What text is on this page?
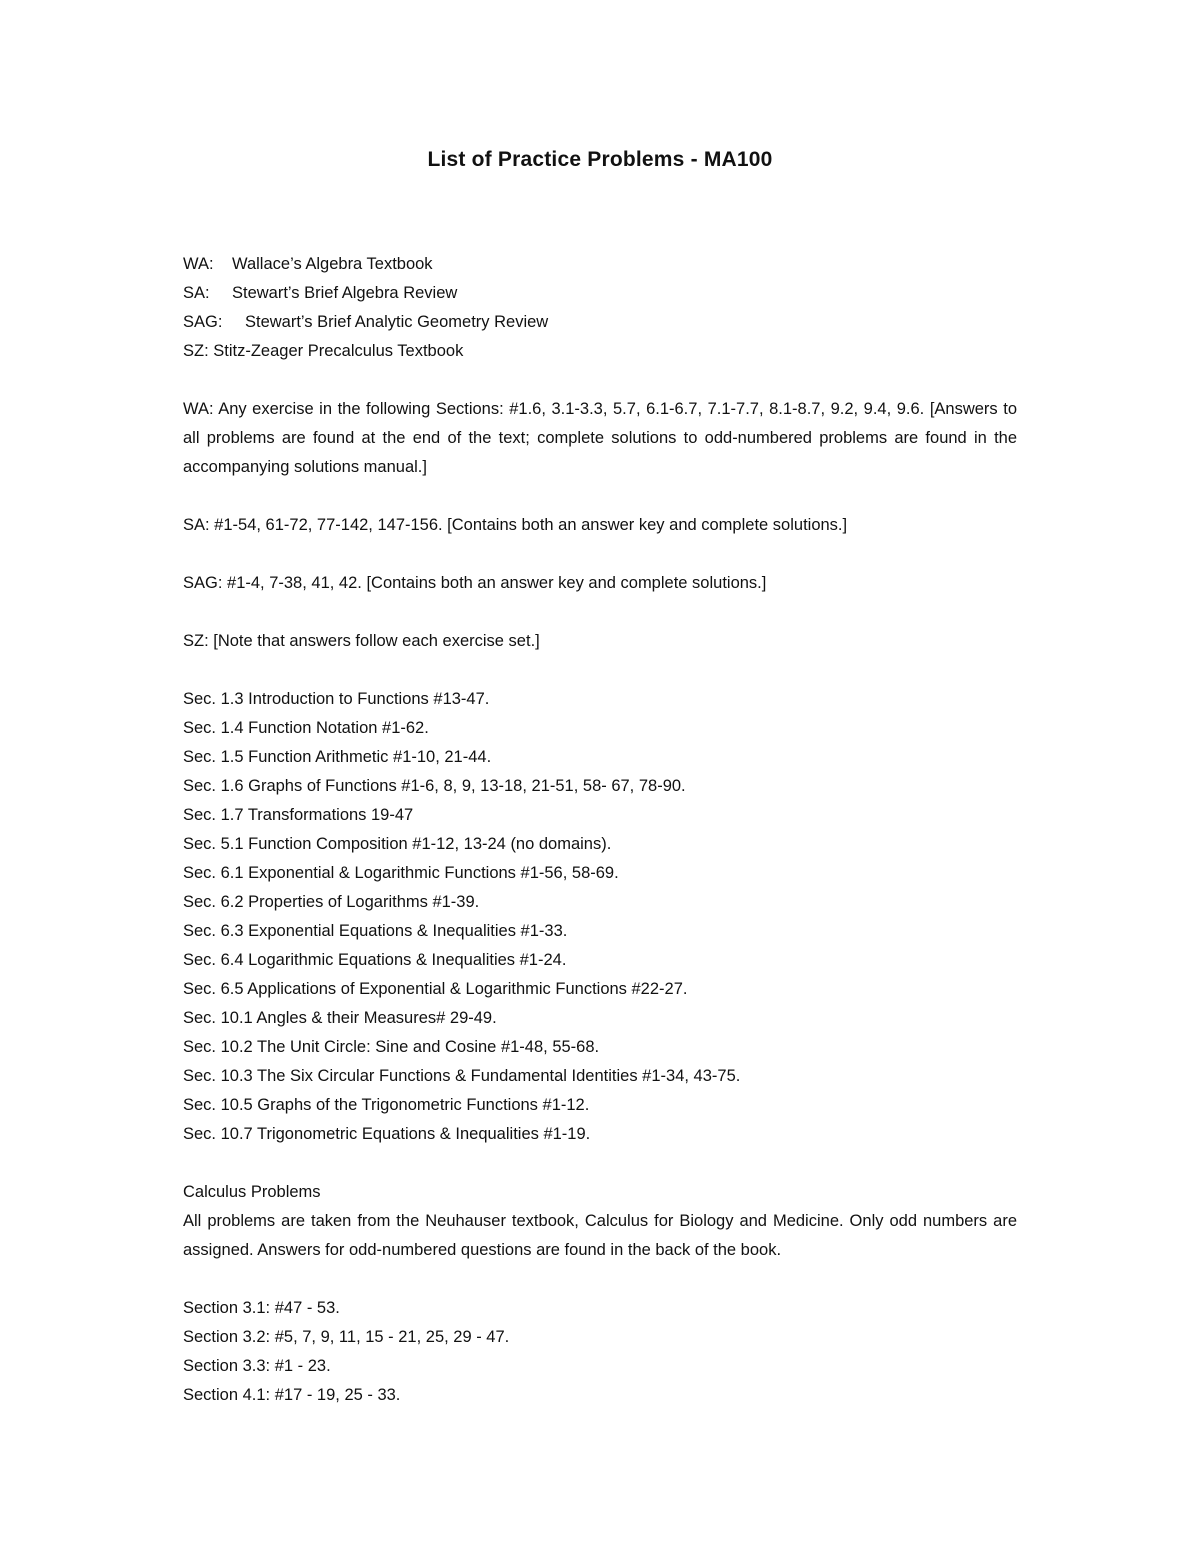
List of Practice Problems - MA100
WA: Wallace’s Algebra Textbook
SA: Stewart’s Brief Algebra Review
SAG: Stewart’s Brief Analytic Geometry Review
SZ: Stitz-Zeager Precalculus Textbook
WA: Any exercise in the following Sections: #1.6, 3.1-3.3, 5.7, 6.1-6.7, 7.1-7.7, 8.1-8.7, 9.2, 9.4, 9.6. [Answers to all problems are found at the end of the text; complete solutions to odd-numbered problems are found in the accompanying solutions manual.]
SA: #1-54, 61-72, 77-142, 147-156. [Contains both an answer key and complete solutions.]
SAG: #1-4, 7-38, 41, 42. [Contains both an answer key and complete solutions.]
SZ: [Note that answers follow each exercise set.]
Sec. 1.3 Introduction to Functions #13-47.
Sec. 1.4 Function Notation #1-62.
Sec. 1.5 Function Arithmetic #1-10, 21-44.
Sec. 1.6 Graphs of Functions #1-6, 8, 9, 13-18, 21-51, 58- 67, 78-90.
Sec. 1.7 Transformations 19-47
Sec. 5.1 Function Composition #1-12, 13-24 (no domains).
Sec. 6.1 Exponential & Logarithmic Functions #1-56, 58-69.
Sec. 6.2 Properties of Logarithms #1-39.
Sec. 6.3 Exponential Equations & Inequalities #1-33.
Sec. 6.4 Logarithmic Equations & Inequalities #1-24.
Sec. 6.5 Applications of Exponential & Logarithmic Functions #22-27.
Sec. 10.1 Angles & their Measures# 29-49.
Sec. 10.2 The Unit Circle: Sine and Cosine #1-48, 55-68.
Sec. 10.3 The Six Circular Functions & Fundamental Identities #1-34, 43-75.
Sec. 10.5 Graphs of the Trigonometric Functions #1-12.
Sec. 10.7 Trigonometric Equations & Inequalities #1-19.
Calculus Problems
All problems are taken from the Neuhauser textbook, Calculus for Biology and Medicine. Only odd numbers are assigned. Answers for odd-numbered questions are found in the back of the book.
Section 3.1: #47 - 53.
Section 3.2: #5, 7, 9, 11, 15 - 21, 25, 29 - 47.
Section 3.3: #1 - 23.
Section 4.1: #17 - 19, 25 - 33.
